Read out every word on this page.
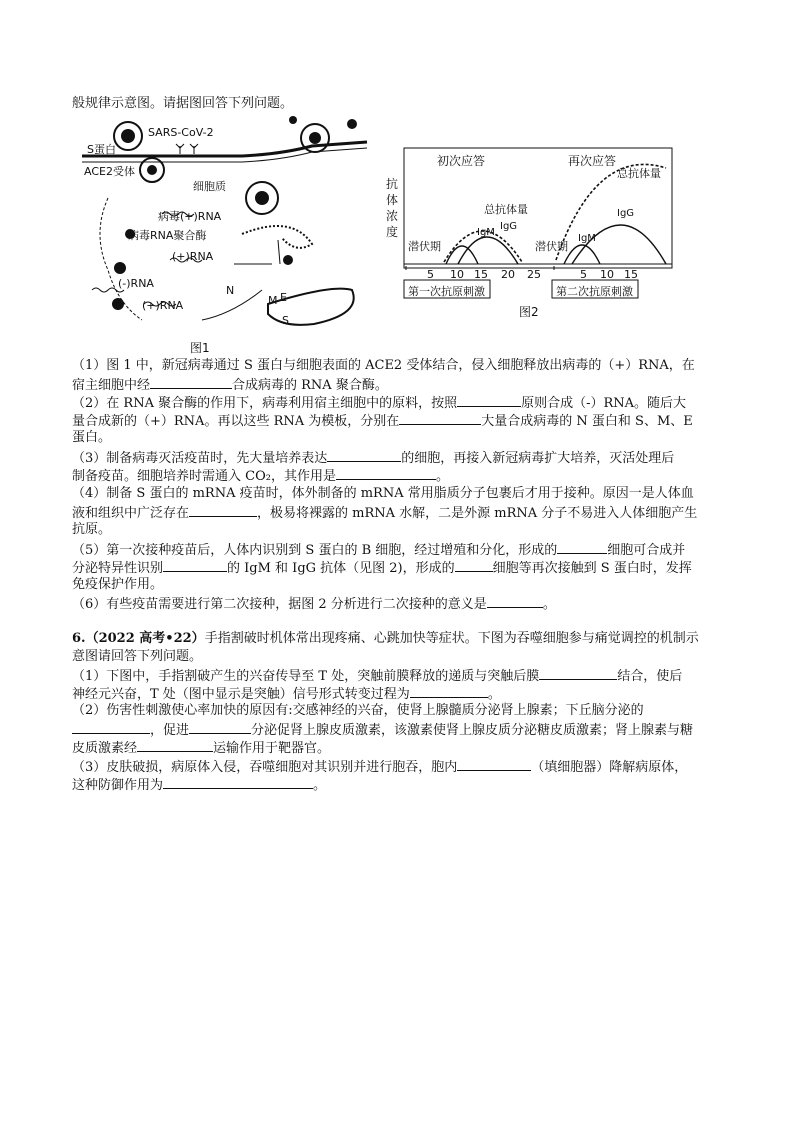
般规律示意图。请据图回答下列问题。
SARS-CoV-2
S蛋白
ACE2受体
细胞质
病毒(+)RNA
病毒RNA聚合酶
(+)RNA
(-)RNA
(+)RNA
N
M E
S
图1
初次应答	再次应答
总抗体量
总抗体量
IgM
IgG
IgM
IgG
潜伏期	潜伏期
抗
体
浓
度
5 10 15 20 25	5 10 15
第一次抗原刺激	第二次抗原刺激
图2
（1）图 1 中，新冠病毒通过 S 蛋白与细胞表面的 ACE2 受体结合，侵入细胞释放出病毒的（+）RNA，在
宿主细胞中经	合成病毒的 RNA 聚合酶。
（2）在 RNA 聚合酶的作用下，病毒利用宿主细胞中的原料，按照	原则合成（-）RNA。随后大
量合成新的（+）RNA。再以这些 RNA 为模板，分别在	大量合成病毒的 N 蛋白和 S、M、E
蛋白。
（3）制备病毒灭活疫苗时，先大量培养表达	的细胞，再接入新冠病毒扩大培养，灭活处理后
制备疫苗。细胞培养时需通入 CO₂，其作用是	。
（4）制备 S 蛋白的 mRNA 疫苗时，体外制备的 mRNA 常用脂质分子包裹后才用于接种。原因一是人体血
液和组织中广泛存在	，极易将裸露的 mRNA 水解，二是外源 mRNA 分子不易进入人体细胞产生
抗原。
（5）第一次接种疫苗后，人体内识别到 S 蛋白的 B 细胞，经过增殖和分化，形成的	细胞可合成并
分泌特异性识别	的 IgM 和 IgG 抗体（见图 2)，形成的	细胞等再次接触到 S 蛋白时，发挥
免疫保护作用。
（6）有些疫苗需要进行第二次接种，据图 2 分析进行二次接种的意义是	。
6.（2022 高考•22）手指割破时机体常出现疼痛、心跳加快等症状。下图为吞噬细胞参与痛觉调控的机制示
意图请回答下列问题。
（1）下图中，手指割破产生的兴奋传导至 T 处，突触前膜释放的递质与突触后膜	结合，使后
神经元兴奋，T 处（图中显示是突触）信号形式转变过程为	。
（2）伤害性刺激使心率加快的原因有:交感神经的兴奋，使肾上腺髓质分泌肾上腺素；下丘脑分泌的
，促进	分泌促肾上腺皮质激素，该激素使肾上腺皮质分泌糖皮质激素；肾上腺素与糖
皮质激素经	运输作用于靶器官。
（3）皮肤破损，病原体入侵，吞噬细胞对其识别并进行胞吞，胞内	（填细胞器）降解病原体，
这种防御作用为	。
